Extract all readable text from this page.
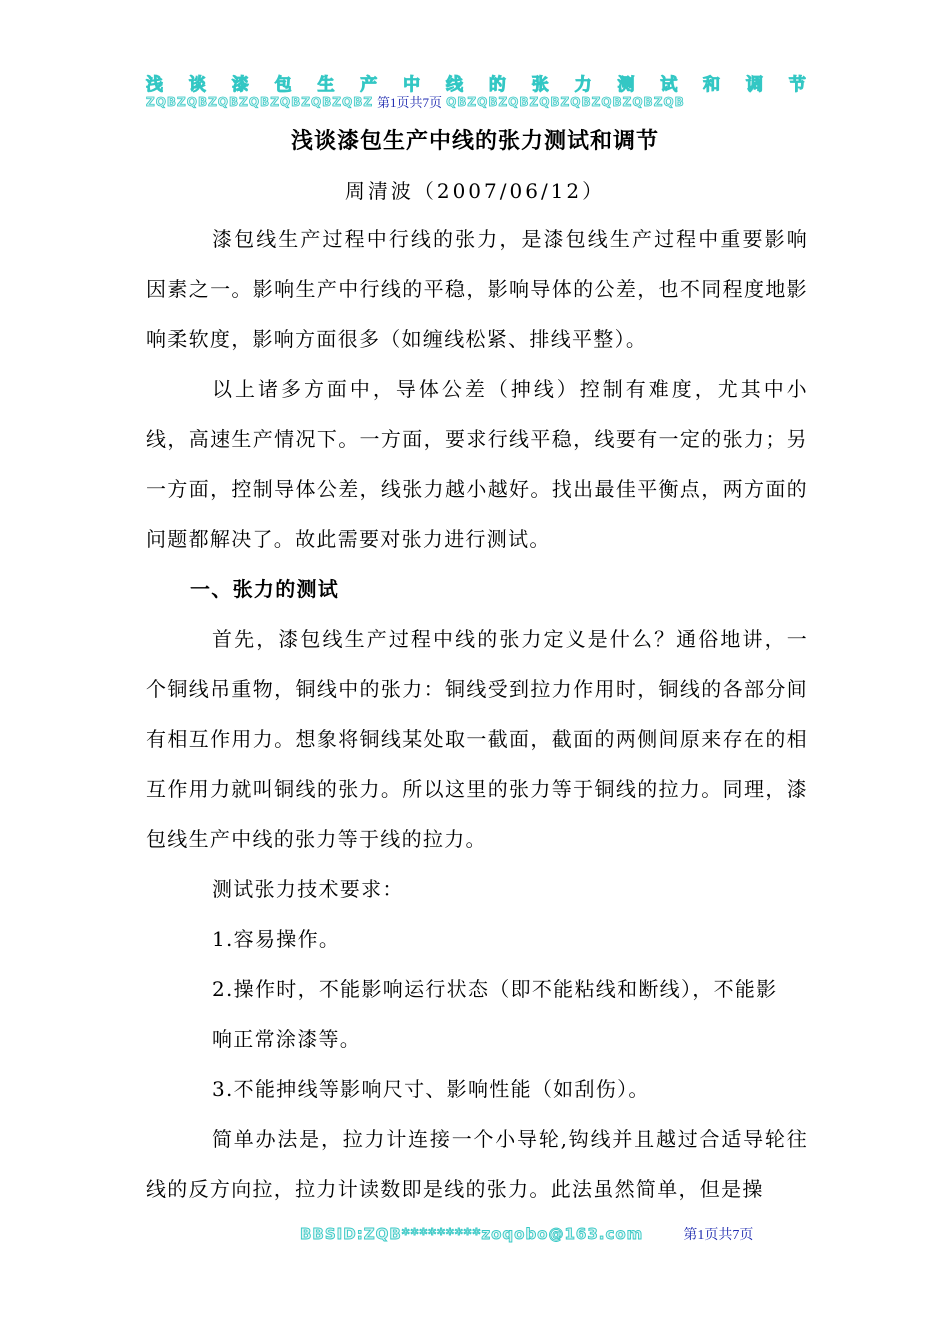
浅 谈 漆 包 生 产 中 线 的 张 力 测 试 和 调 节
ZQBZQBZQBZQBZQBZQBZQBZ 第1页共7页 QBZQBZQBZQBZQBZQBZQBZQB
浅谈漆包生产中线的张力测试和调节
周清波（2007/06/12）

漆包线生产过程中行线的张力，是漆包线生产过程中重要影响因素之一。影响生产中行线的平稳，影响导体的公差，也不同程度地影响柔软度，影响方面很多（如缠线松紧、排线平整）。

以上诸多方面中，导体公差（抻线）控制有难度，尤其中小线，高速生产情况下。一方面，要求行线平稳，线要有一定的张力；另一方面，控制导体公差，线张力越小越好。找出最佳平衡点，两方面的问题都解决了。故此需要对张力进行测试。

一、张力的测试

首先，漆包线生产过程中线的张力定义是什么？通俗地讲，一个铜线吊重物，铜线中的张力：铜线受到拉力作用时，铜线的各部分间有相互作用力。想象将铜线某处取一截面，截面的两侧间原来存在的相互作用力就叫铜线的张力。所以这里的张力等于铜线的拉力。同理，漆包线生产中线的张力等于线的拉力。

测试张力技术要求：

1.容易操作。

2.操作时，不能影响运行状态（即不能粘线和断线），不能影

响正常涂漆等。

3.不能抻线等影响尺寸、影响性能（如刮伤）。

简单办法是，拉力计连接一个小导轮,钩线并且越过合适导轮往线的反方向拉，拉力计读数即是线的张力。此法虽然简单，但是操

BBSID:ZQB*********zoqobo@163.com	第1页共7页
